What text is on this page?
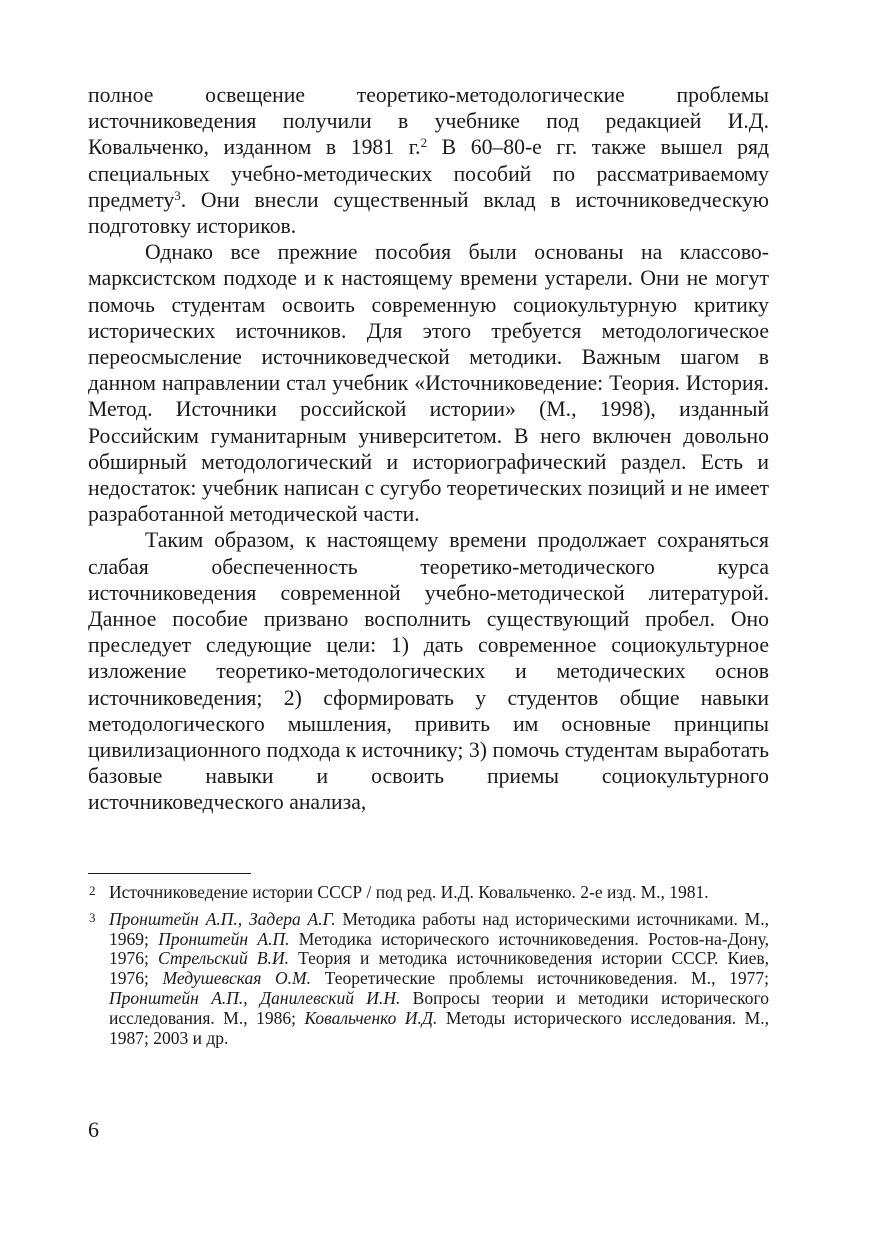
полное освещение теоретико-методологические проблемы источниковедения получили в учебнике под редакцией И.Д. Ковальченко, изданном в 1981 г.$^2$ В 60–80-е гг. также вышел ряд специальных учебно-методических пособий по рассматриваемому предмету$^3$. Они внесли существенный вклад в источниковедческую подготовку историков.

Однако все прежние пособия были основаны на классово-марксистском подходе и к настоящему времени устарели. Они не могут помочь студентам освоить современную социокультурную критику исторических источников. Для этого требуется методологическое переосмысление источниковедческой методики. Важным шагом в данном направлении стал учебник «Источниковедение: Теория. История. Метод. Источники российской истории» (М., 1998), изданный Российским гуманитарным университетом. В него включен довольно обширный методологический и историографический раздел. Есть и недостаток: учебник написан с сугубо теоретических позиций и не имеет разработанной методической части.

Таким образом, к настоящему времени продолжает сохраняться слабая обеспеченность теоретико-методического курса источниковедения современной учебно-методической литературой. Данное пособие призвано восполнить существующий пробел. Оно преследует следующие цели: 1) дать современное социокультурное изложение теоретико-методологических и методических основ источниковедения; 2) сформировать у студентов общие навыки методологического мышления, привить им основные принципы цивилизационного подхода к источнику; 3) помочь студентам выработать базовые навыки и освоить приемы социокультурного источниковедческого анализа,

2 Источниковедение истории СССР / под ред. И.Д. Ковальченко. 2-е изд. М., 1981.
3 Пронштейн А.П., Задера А.Г. Методика работы над историческими источниками. М., 1969; Пронштейн А.П. Методика исторического источниковедения. Ростов-на-Дону, 1976; Стрельский В.И. Теория и методика источниковедения истории СССР. Киев, 1976; Медушевская О.М. Теоретические проблемы источниковедения. М., 1977; Пронштейн А.П., Данилевский И.Н. Вопросы теории и методики исторического исследования. М., 1986; Ковальченко И.Д. Методы исторического исследования. М., 1987; 2003 и др.
6
